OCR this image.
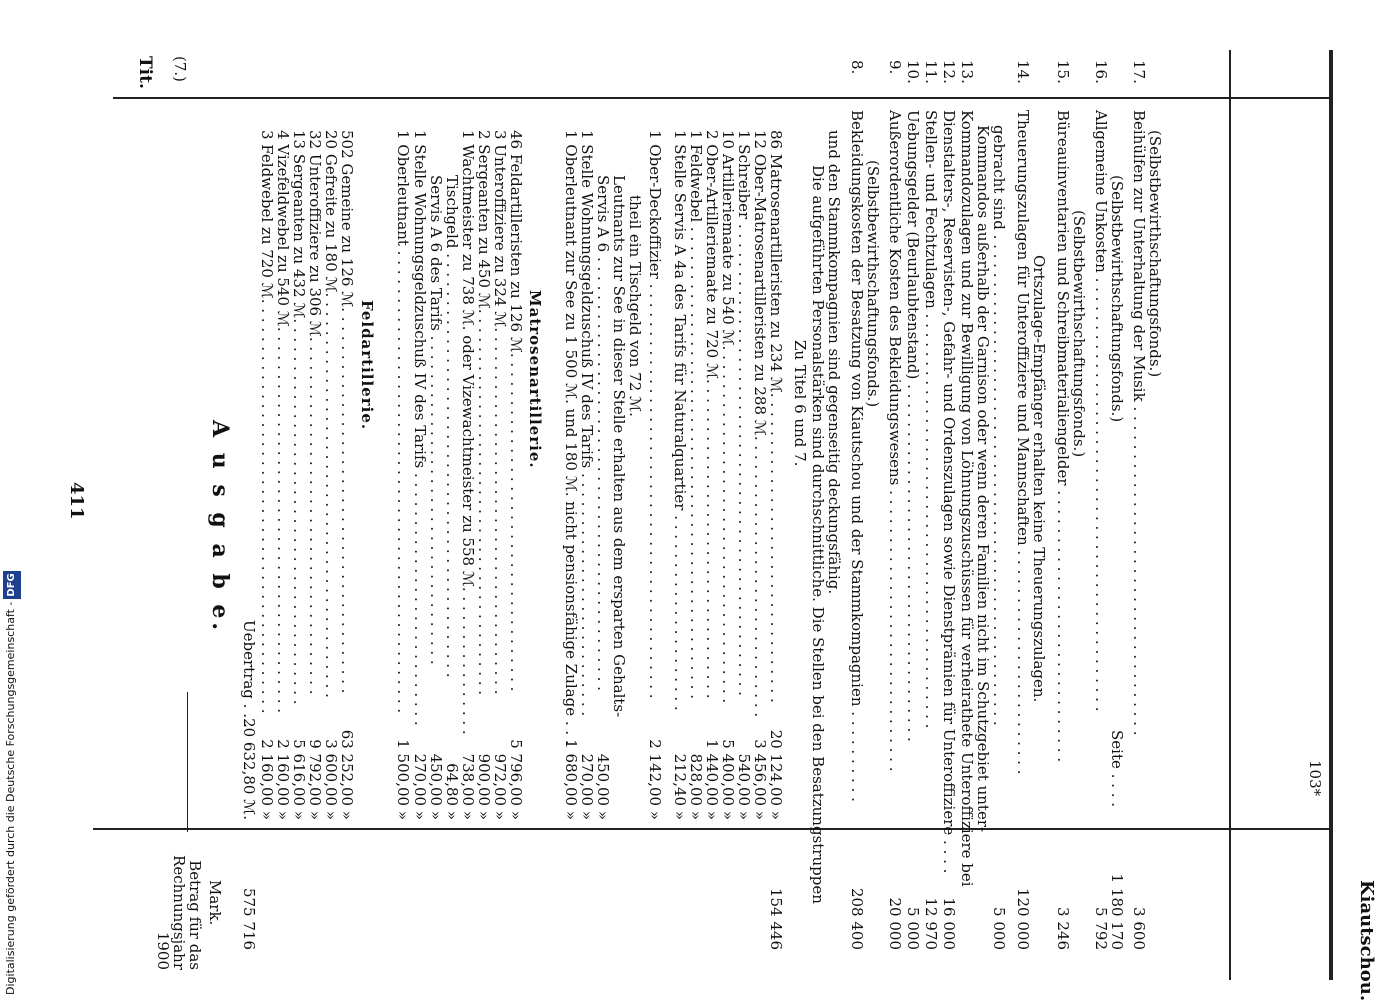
Kiautschou.
411	A u s g a b e.
Tit.
Betrag für das Rechnungsjahr 1900
Mark.
Uebertrag . . .
20 632,80 ℳ.
575 716
(7.)
3 Feldwebel zu 720 ℳ. . . . . . . . . . . . . . . . . . . . . . . . . . . . . . . . . . . . . . . . . . . .
2 160,00 »
4 Vizefeldwebel zu 540 ℳ. . . . . . . . . . . . . . . . . . . . . . . . . . . . . . . . . . . . . . . . .
2 160,00 »
13 Sergeanten zu 432 ℳ. . . . . . . . . . . . . . . . . . . . . . . . . . . . . . . . . . . . . . . . .
5 616,00 »
32 Unteroffiziere zu 306 ℳ. . . . . . . . . . . . . . . . . . . . . . . . . . . . . . . . . . . . . .
9 792,00 »
20 Gefreite zu 180 ℳ. . . . . . . . . . . . . . . . . . . . . . . . . . . . . . . . . . . . . . . . . . .
3 600,00 »
502 Gemeine zu 126 ℳ. . . . . . . . . . . . . . . . . . . . . . . . . . . . . . . . . . . . . . . . .
63 252,00 »
Feldartillerie. 1 Oberleutnant . . . . . . . . . . . . . . . . . . . . . . . . . . . . . . . . . . . . . . . . . . . . . . . . .
1 500,00 »
1 Stelle Wohnungsgeldzuschuß IV des Tarifs . . . . . . . . . . . . . . . . . . . . . . . . . . .
270,00 »
Servis A 6 des Tarifs . . . . . . . . . . . . . . . . . . . . . . . . . . . . . . . . . . .
450,00 »
Tischgeld . . . . . . . . . . . . . . . . . . . . . . . . . . . . . . . . . . . . . . . . . . . . .
64,80 »
1 Wachtmeister zu 738 ℳ. oder Vizewachtmeister zu 558 ℳ. . . . . . . . . . . . . . . .
738,00 »
2 Sergeanten zu 450 ℳ. . . . . . . . . . . . . . . . . . . . . . . . . . . . . . . . . . . . . . . . .
900,00 »
3 Unteroffiziere zu 324 ℳ. . . . . . . . . . . . . . . . . . . . . . . . . . . . . . . . . . . . . . .
972,00 »
46 Feldartilleristen zu 126 ℳ. . . . . . . . . . . . . . . . . . . . . . . . . . . . . . . . . . . .
5 796,00 »
Matrosenartillerie. 1 Oberleutnant zur See zu 1 500 ℳ. und 180 ℳ. nicht pensionsfähige Zulage . . .
1 680,00 »
1 Stelle Wohnungsgeldzuschuß IV des Tarifs . . . . . . . . . . . . . . . . . . . . . . . . . .
270,00 »
Servis A 6 . . . . . . . . . . . . . . . . . . . . . . . . . . . . . . . . . . . . . . . . . . . . . .
450,00 »
Leutnants zur See in dieser Stelle erhalten aus dem ersparten Gehalts-
theil ein Tischgeld von 72 ℳ. 1 Ober-Deckoffizier . . . . . . . . . . . . . . . . . . . . . . . . . . . . . . . . . . . . . . . . . . . .
2 142,00 »
1 Stelle Servis A 4a des Tarifs für Naturalquartier . . . . . . . . . . . . . . . . . . . . .
212,40 »
1 Feldwebel . . . . . . . . . . . . . . . . . . . . . . . . . . . . . . . . . . . . . . . . . . . . . . . . . .
828,00 »
2 Ober-Artilleriemaate zu 720 ℳ. . . . . . . . . . . . . . . . . . . . . . . . . . . . . . . . . .
1 440,00 »
10 Artilleriemaate zu 540 ℳ. . . . . . . . . . . . . . . . . . . . . . . . . . . . . . . . . . . . . .
5 400,00 »
1 Schreiber . . . . . . . . . . . . . . . . . . . . . . . . . . . . . . . . . . . . . . . . . . . . . . . . . .
540,00 »
12 Ober-Matrosenartilleristen zu 288 ℳ. . . . . . . . . . . . . . . . . . . . . . . . . . . . . .
3 456,00 »
86 Matrosenartilleristen zu 234 ℳ. . . . . . . . . . . . . . . . . . . . . . . . . . . . . . . . .
20 124,00 »
154 446
Zu Titel 6 und 7. Die aufgeführten Personalstärken sind durchschnittliche. Die Stellen bei den Besatzungstruppen
und den Stammkompagnien sind gegenseitig deckungsfähig.
8.
Bekleidungskosten der Besatzung von Kiautschou und der Stammkompagnien . . . . . . . . . .
(Selbstbewirthschaftungsfonds.)
208 400
9.
Außerordentliche Kosten des Bekleidungswesens . . . . . . . . . . . . . . . . . . . . . . . . . . . . . .
20 000
10.
Uebungsgelder (Beurlaubtenstand) . . . . . . . . . . . . . . . . . . . . . . . . . . . . . . . . . . . . . .
5 000
11.
Stellen- und Fechtzulagen . . . . . . . . . . . . . . . . . . . . . . . . . . . . . . . . . . . . . . . . . . . .
12 970
12.
Dienstalters-, Reservisten-, Gefahr- und Ordenszulagen sowie Dienstprämien für Unteroffiziere . . . .
16 000
13.
Kommandozulagen und zur Bewilligung von Löhnungszuschüssen für verheirathete Unteroffiziere bei
Kommandos außerhalb der Garnison oder wenn deren Familien nicht im Schutzgebiet unter-
gebracht sind . . . . . . . . . . . . . . . . . . . . . . . . . . . . . . . . . . . . . . . . . . . . . . . . . . . .
5 000
14.
Theuerungszulagen für Unteroffiziere und Mannschaften . . . . . . . . . . . . . . . . . . . . . . . .
Ortszulage-Empfänger erhalten keine Theuerungszulagen.
120 000
15.
Büreauinventarien und Schreibmaterialiengelder . . . . . . . . . . . . . . . . . . . . . . . . . . . . .
(Selbstbewirthschaftungsfonds.)
3 246
16.
Allgemeine Unkosten . . . . . . . . . . . . . . . . . . . . . . . . . . . . . . . . . . . . . . . . . . . . . .
(Selbstbewirthschaftungsfonds.)
5 792
17.
Beihülfen zur Unterhaltung der Musik . . . . . . . . . . . . . . . . . . . . . . . . . . . . . . . . . . .
(Selbstbewirthschaftungsfonds.)
3 600
Seite . . . .
1 180 170
103*
Digitalisierung gefördert durch die Deutsche Forschungsgemeinschaft -DFG
